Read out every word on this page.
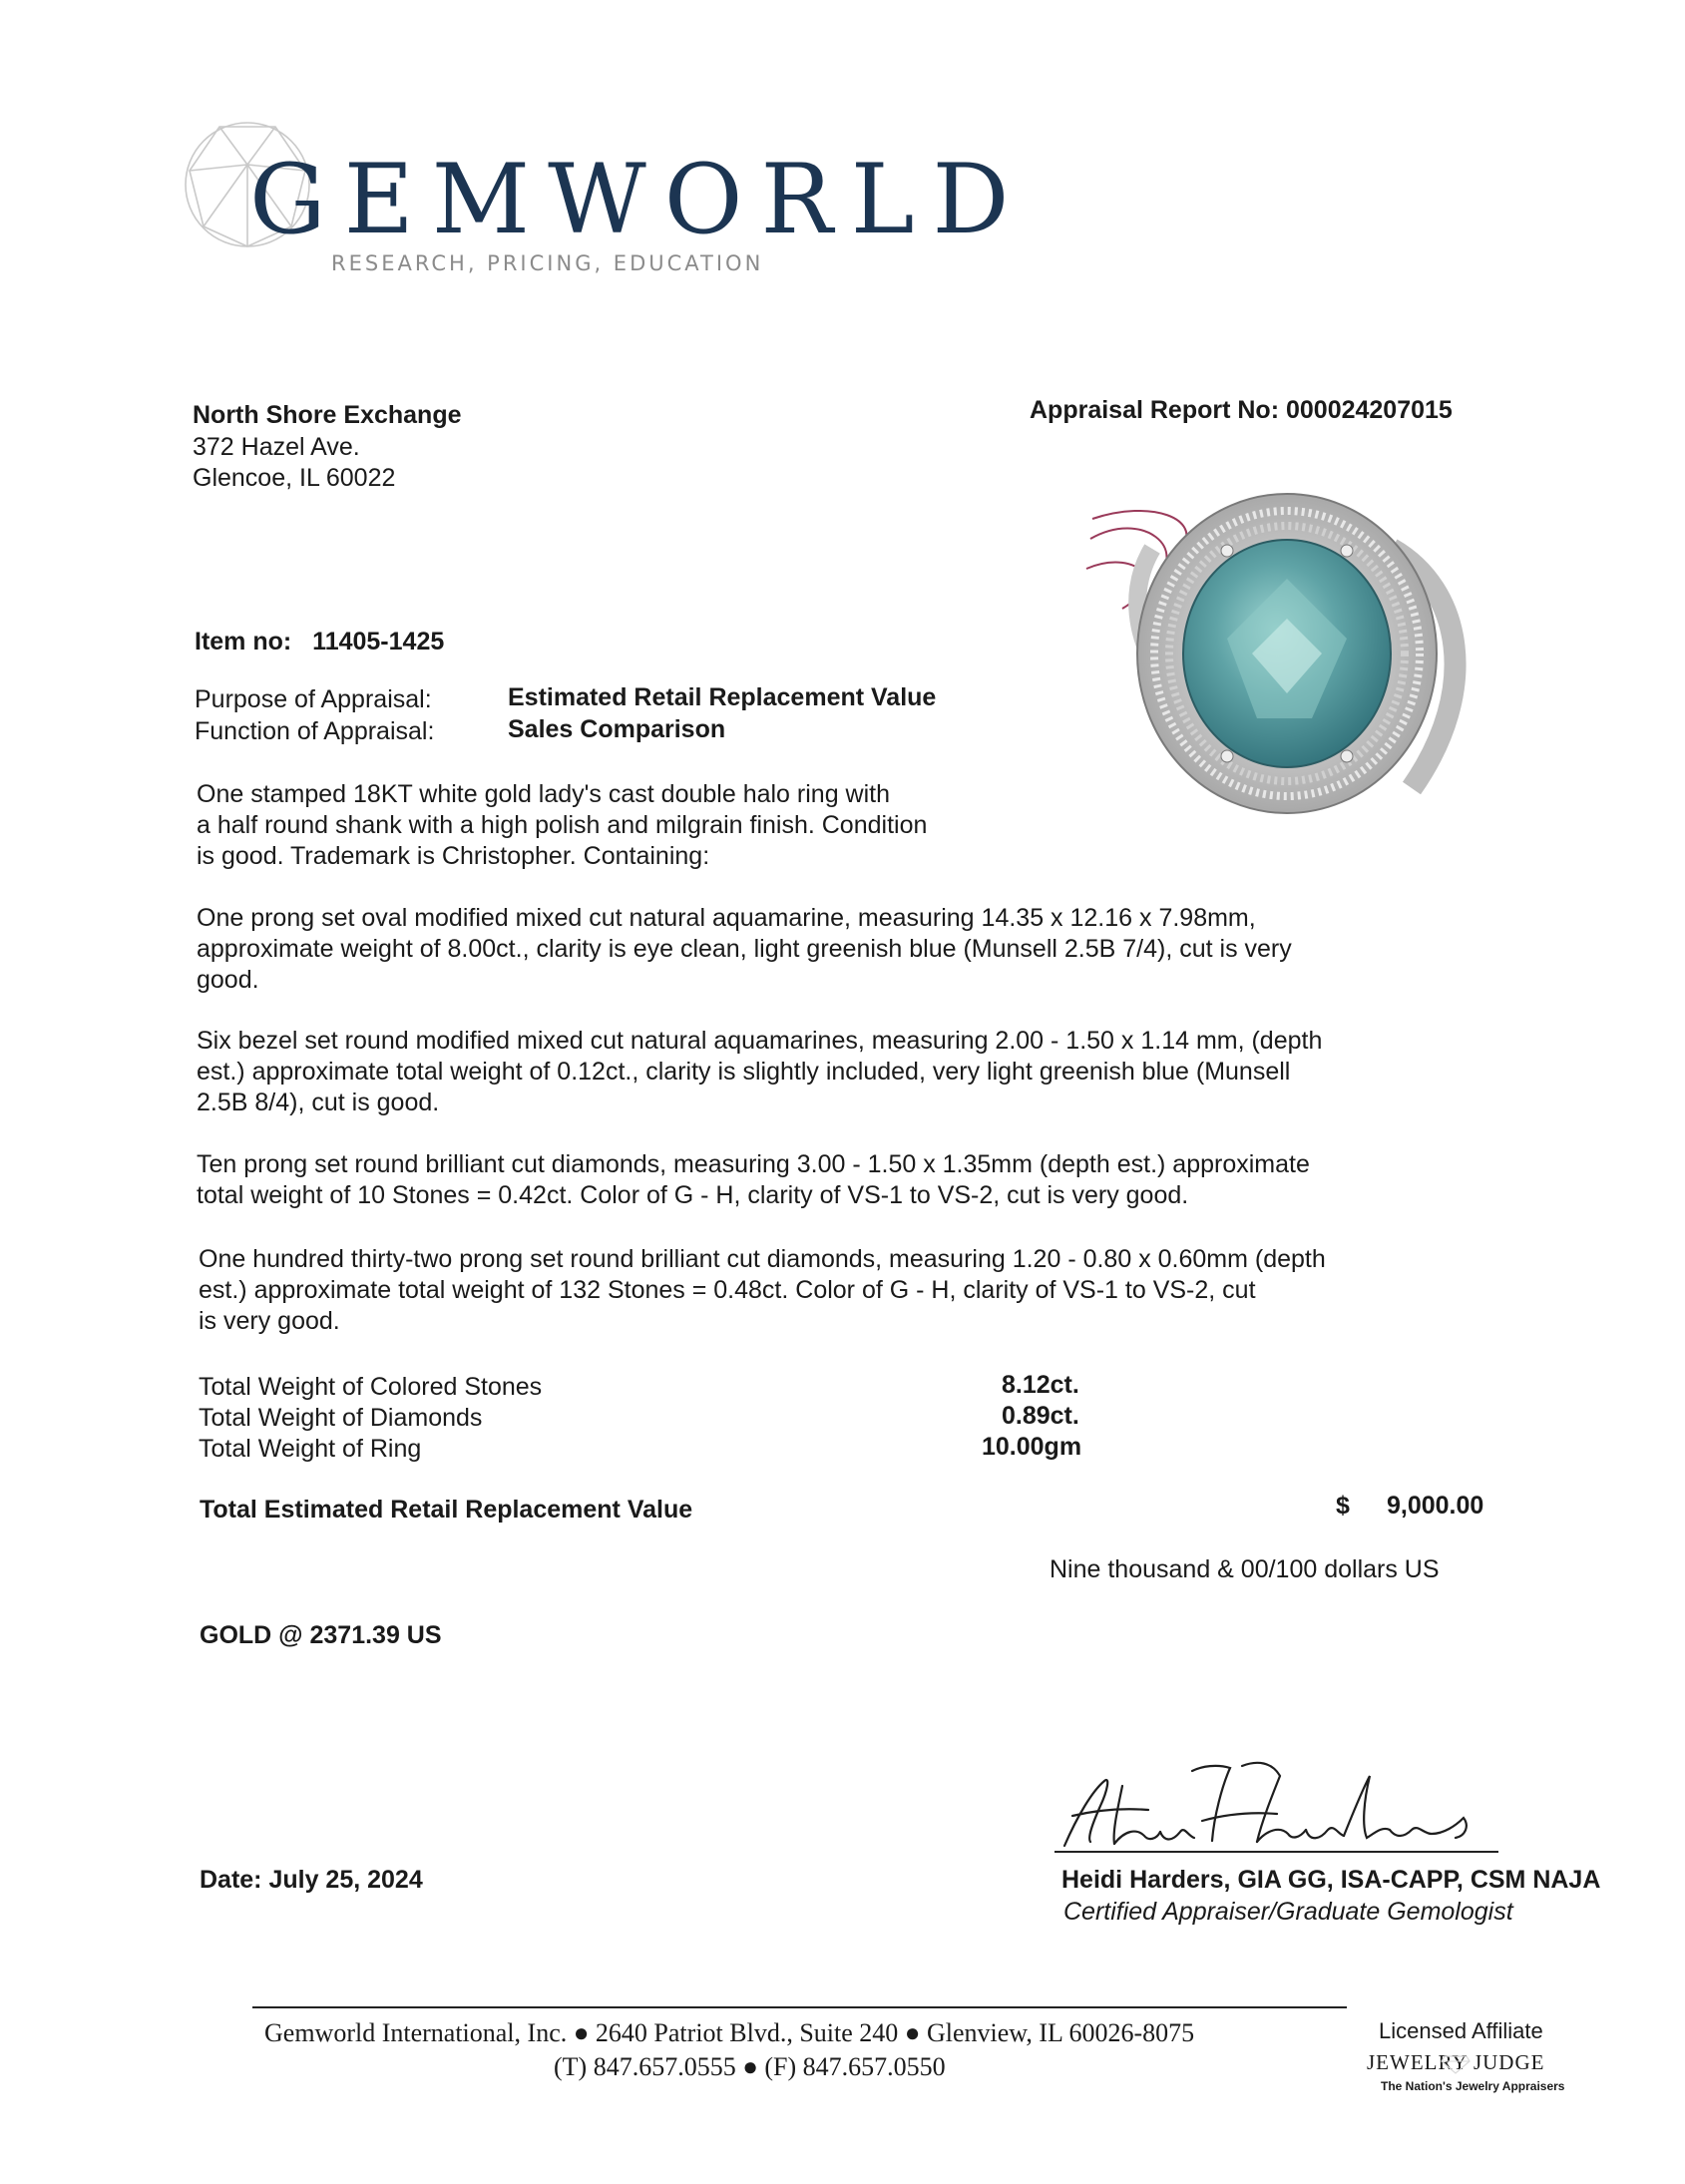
GEMWORLD
RESEARCH, PRICING, EDUCATION
North Shore Exchange
372 Hazel Ave.
Glencoe, IL 60022
Appraisal Report No: 000024207015
Item no: 11405-1425
Purpose of Appraisal:	Estimated Retail Replacement Value
Function of Appraisal:	Sales Comparison
One stamped 18KT white gold lady's cast double halo ring with
a half round shank with a high polish and milgrain finish. Condition
is good. Trademark is Christopher. Containing:
One prong set oval modified mixed cut natural aquamarine, measuring 14.35 x 12.16 x 7.98mm,
approximate weight of 8.00ct., clarity is eye clean, light greenish blue (Munsell 2.5B 7/4), cut is very
good.
Six bezel set round modified mixed cut natural aquamarines, measuring 2.00 - 1.50 x 1.14 mm, (depth
est.) approximate total weight of 0.12ct., clarity is slightly included, very light greenish blue (Munsell
2.5B 8/4), cut is good.
Ten prong set round brilliant cut diamonds, measuring 3.00 - 1.50 x 1.35mm (depth est.) approximate
total weight of 10 Stones = 0.42ct. Color of G - H, clarity of VS-1 to VS-2, cut is very good.
One hundred thirty-two prong set round brilliant cut diamonds, measuring 1.20 - 0.80 x 0.60mm (depth
est.) approximate total weight of 132 Stones = 0.48ct. Color of G - H, clarity of VS-1 to VS-2, cut
is very good.
Total Weight of Colored Stones	8.12ct.
Total Weight of Diamonds	0.89ct.
Total Weight of Ring	10.00gm
Total Estimated Retail Replacement Value	$ 9,000.00
Nine thousand & 00/100 dollars US
GOLD @ 2371.39 US
Date: July 25, 2024	Heidi Harders, GIA GG, ISA-CAPP, CSM NAJA
Certified Appraiser/Graduate Gemologist
Gemworld International, Inc. ● 2640 Patriot Blvd., Suite 240 ● Glenview, IL 60026-8075
(T) 847.657.0555 ● (F) 847.657.0550
Licensed Affiliate
JEWELRY JUDGE
The Nation's Jewelry Appraisers
